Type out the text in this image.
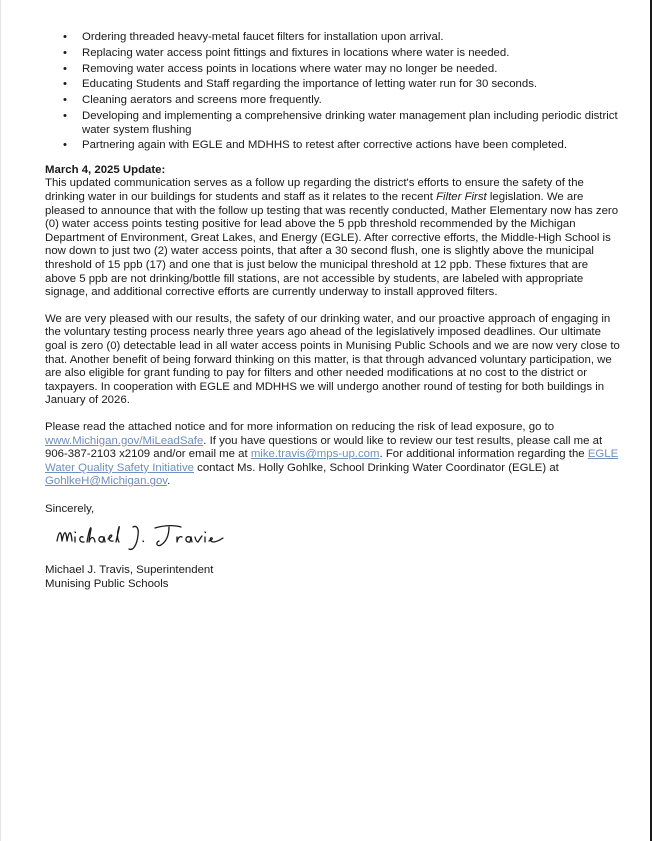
• Ordering threaded heavy-metal faucet filters for installation upon arrival.
• Replacing water access point fittings and fixtures in locations where water is needed.
• Removing water access points in locations where water may no longer be needed.
• Educating Students and Staff regarding the importance of letting water run for 30 seconds.
• Cleaning aerators and screens more frequently.
• Developing and implementing a comprehensive drinking water management plan including periodic district water system flushing
• Partnering again with EGLE and MDHHS to retest after corrective actions have been completed.
March 4, 2025 Update:

This updated communication serves as a follow up regarding the district's efforts to ensure the safety of the drinking water in our buildings for students and staff as it relates to the recent Filter First legislation. We are pleased to announce that with the follow up testing that was recently conducted, Mather Elementary now has zero (0) water access points testing positive for lead above the 5 ppb threshold recommended by the Michigan Department of Environment, Great Lakes, and Energy (EGLE). After corrective efforts, the Middle-High School is now down to just two (2) water access points, that after a 30 second flush, one is slightly above the municipal threshold of 15 ppb (17) and one that is just below the municipal threshold at 12 ppb. These fixtures that are above 5 ppb are not drinking/bottle fill stations, are not accessible by students, are labeled with appropriate signage, and additional corrective efforts are currently underway to install approved filters.

We are very pleased with our results, the safety of our drinking water, and our proactive approach of engaging in the voluntary testing process nearly three years ago ahead of the legislatively imposed deadlines. Our ultimate goal is zero (0) detectable lead in all water access points in Munising Public Schools and we are now very close to that. Another benefit of being forward thinking on this matter, is that through advanced voluntary participation, we are also eligible for grant funding to pay for filters and other needed modifications at no cost to the district or taxpayers. In cooperation with EGLE and MDHHS we will undergo another round of testing for both buildings in January of 2026.

Please read the attached notice and for more information on reducing the risk of lead exposure, go to www.Michigan.gov/MiLeadSafe. If you have questions or would like to review our test results, please call me at 906-387-2103 x2109 and/or email me at mike.travis@mps-up.com. For additional information regarding the EGLE Water Quality Safety Initiative contact Ms. Holly Gohlke, School Drinking Water Coordinator (EGLE) at GohlkeH@Michigan.gov.

Sincerely,
Michael J. Travis
Michael J. Travis, Superintendent
Munising Public Schools
